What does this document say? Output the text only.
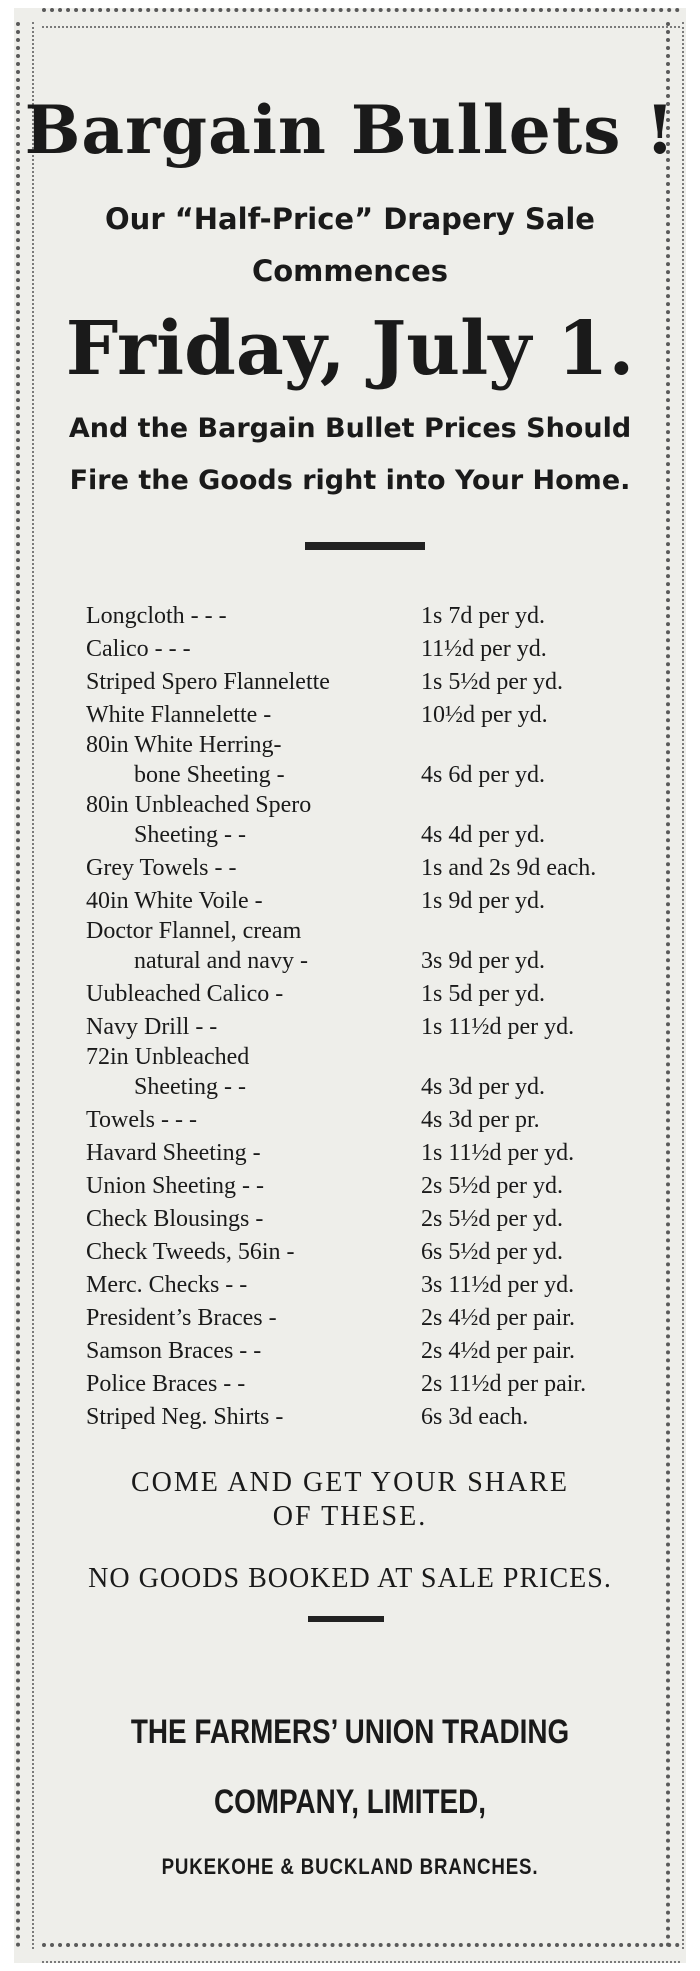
Bargain Bullets !
Our “Half-Price” Drapery Sale
Commences
Friday, July 1.
And the Bargain Bullet Prices Should
Fire the Goods right into Your Home.
Longcloth - - -	1s 7d per yd.
Calico - - -	11½d per yd.
Striped Spero Flannelette	1s 5½d per yd.
White Flannelette -	10½d per yd.
80in White Herring-
bone Sheeting -	4s 6d per yd.
80in Unbleached Spero
Sheeting - -	4s 4d per yd.
Grey Towels - -	1s and 2s 9d each.
40in White Voile -	1s 9d per yd.
Doctor Flannel, cream
natural and navy -	3s 9d per yd.
Uubleached Calico -	1s 5d per yd.
Navy Drill - -	1s 11½d per yd.
72in Unbleached
Sheeting - -	4s 3d per yd.
Towels - - -	4s 3d per pr.
Havard Sheeting -	1s 11½d per yd.
Union Sheeting - -	2s 5½d per yd.
Check Blousings -	2s 5½d per yd.
Check Tweeds, 56in -	6s 5½d per yd.
Merc. Checks - -	3s 11½d per yd.
President’s Braces -	2s 4½d per pair.
Samson Braces - -	2s 4½d per pair.
Police Braces - -	2s 11½d per pair.
Striped Neg. Shirts -	6s 3d each.
COME AND GET YOUR SHARE
OF THESE.
NO GOODS BOOKED AT SALE PRICES.
THE FARMERS’ UNION TRADING
COMPANY, LIMITED,
PUKEKOHE & BUCKLAND BRANCHES.
